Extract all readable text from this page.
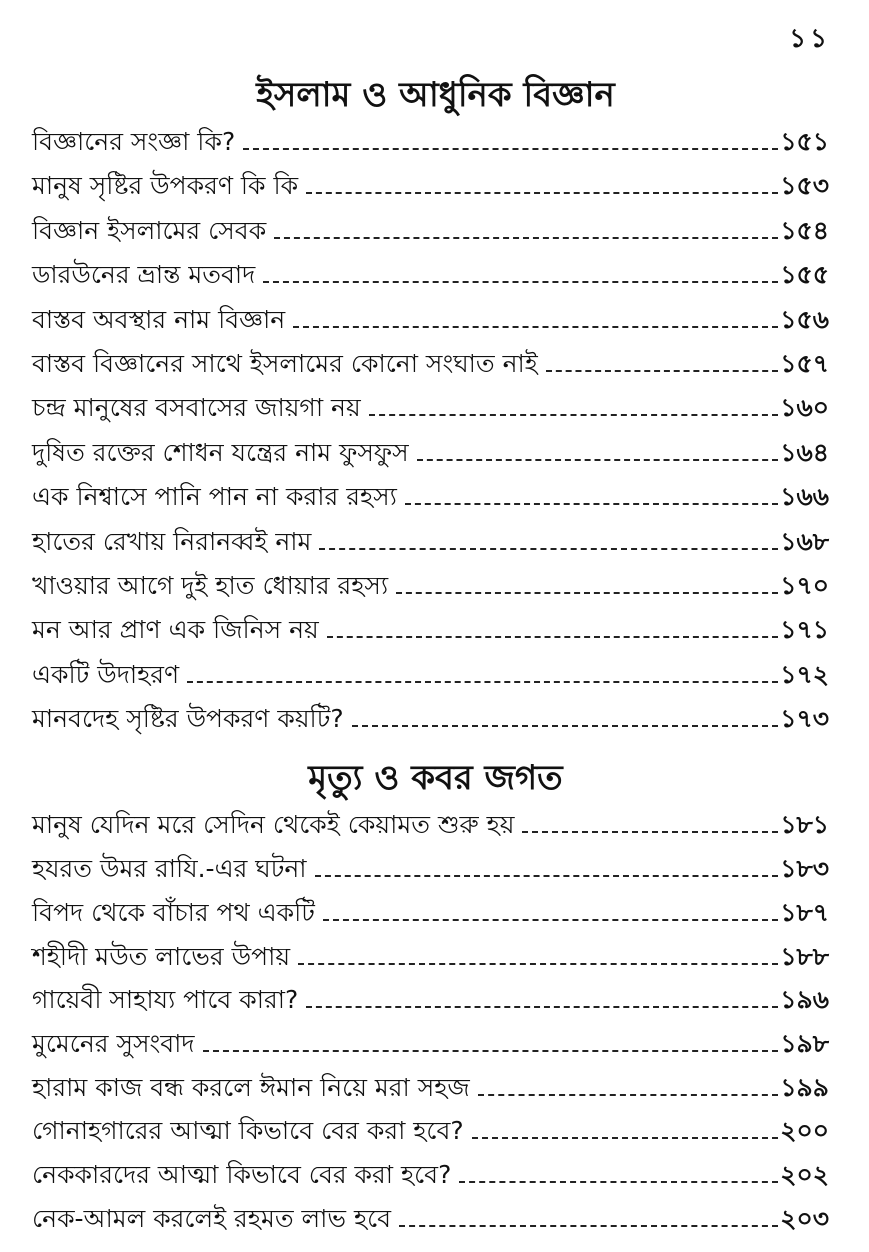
১১
ইসলাম ও আধুনিক বিজ্ঞান
বিজ্ঞানের সংজ্ঞা কি?	১৫১
মানুষ সৃষ্টির উপকরণ কি কি	১৫৩
বিজ্ঞান ইসলামের সেবক	১৫৪
ডারউনের ভ্রান্ত মতবাদ	১৫৫
বাস্তব অবস্থার নাম বিজ্ঞান	১৫৬
বাস্তব বিজ্ঞানের সাথে ইসলামের কোনো সংঘাত নাই	১৫৭
চন্দ্র মানুষের বসবাসের জায়গা নয়	১৬০
দুষিত রক্তের শোধন যন্ত্রের নাম ফুসফুস	১৬৪
এক নিশ্বাসে পানি পান না করার রহস্য	১৬৬
হাতের রেখায় নিরানব্বই নাম	১৬৮
খাওয়ার আগে দুই হাত ধোয়ার রহস্য	১৭০
মন আর প্রাণ এক জিনিস নয়	১৭১
একটি উদাহরণ	১৭২
মানবদেহ সৃষ্টির উপকরণ কয়টি?	১৭৩
মৃত্যু ও কবর জগত
মানুষ যেদিন মরে সেদিন থেকেই কেয়ামত শুরু হয়	১৮১
হযরত উমর রাযি.-এর ঘটনা	১৮৩
বিপদ থেকে বাঁচার পথ একটি	১৮৭
শহীদী মউত লাভের উপায়	১৮৮
গায়েবী সাহায্য পাবে কারা?	১৯৬
মুমেনের সুসংবাদ	১৯৮
হারাম কাজ বন্ধ করলে ঈমান নিয়ে মরা সহজ	১৯৯
গোনাহগারের আত্মা কিভাবে বের করা হবে?	২০০
নেককারদের আত্মা কিভাবে বের করা হবে?	২০২
নেক-আমল করলেই রহমত লাভ হবে	২০৩
